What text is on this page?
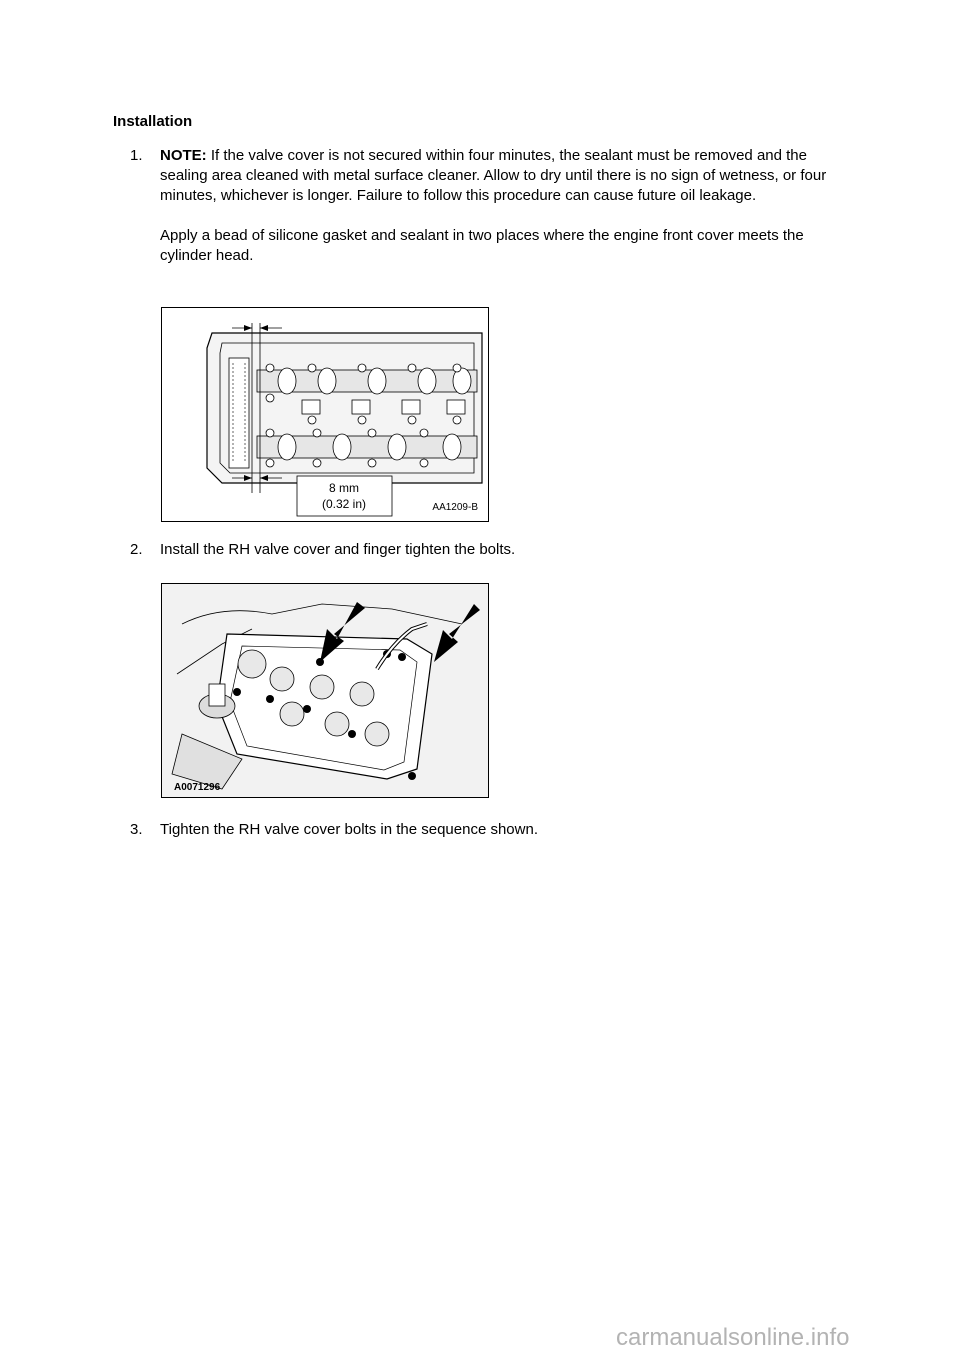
Installation
1.	NOTE: If the valve cover is not secured within four minutes, the sealant must be removed and the sealing area cleaned with metal surface cleaner. Allow to dry until there is no sign of wetness, or four minutes, whichever is longer. Failure to follow this procedure can cause future oil leakage.

Apply a bead of silicone gasket and sealant in two places where the engine front cover meets the cylinder head.

8 mm
(0.32 in)	AA1209-B
2.	Install the RH valve cover and finger tighten the bolts.

A0071296
3.	Tighten the RH valve cover bolts in the sequence shown.

carmanualsonline.info
